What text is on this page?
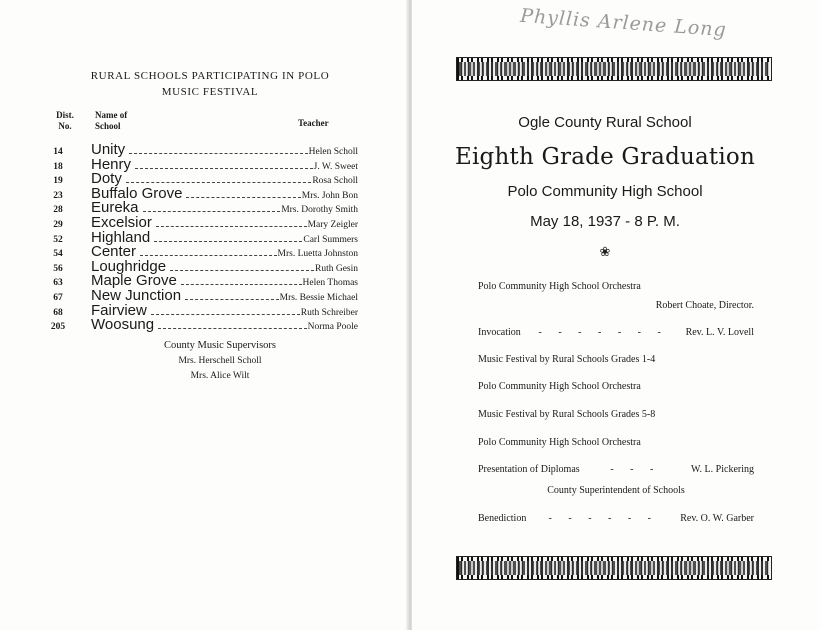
RURAL SCHOOLS PARTICIPATING IN POLO
MUSIC FESTIVAL
Dist.
No.
Name of
School	Teacher
14	Unity	Helen Scholl
18	Henry	J. W. Sweet
19	Doty	Rosa Scholl
23	Buffalo Grove	Mrs. John Bon
28	Eureka	Mrs. Dorothy Smith
29	Excelsior	Mary Zeigler
52	Highland	Carl Summers
54	Center	Mrs. Luetta Johnston
56	Loughridge	Ruth Gesin
63	Maple Grove	Helen Thomas
67	New Junction	Mrs. Bessie Michael
68	Fairview	Ruth Schreiber
205	Woosung	Norma Poole
County Music Supervisors
Mrs. Herschell Scholl
Mrs. Alice Wilt
Phyllis Arlene Long
Ogle County Rural School
Eighth Grade Graduation
Polo Community High School
May 18, 1937 - 8 P. M.
❀
Polo Community High School Orchestra
Robert Choate, Director.
Invocation	- - - - - - -	Rev. L. V. Lovell
Music Festival by Rural Schools Grades 1-4
Polo Community High School Orchestra
Music Festival by Rural Schools Grades 5-8
Polo Community High School Orchestra
Presentation of Diplomas	- - -	W. L. Pickering
County Superintendent of Schools
Benediction	- - - - - -	Rev. O. W. Garber
